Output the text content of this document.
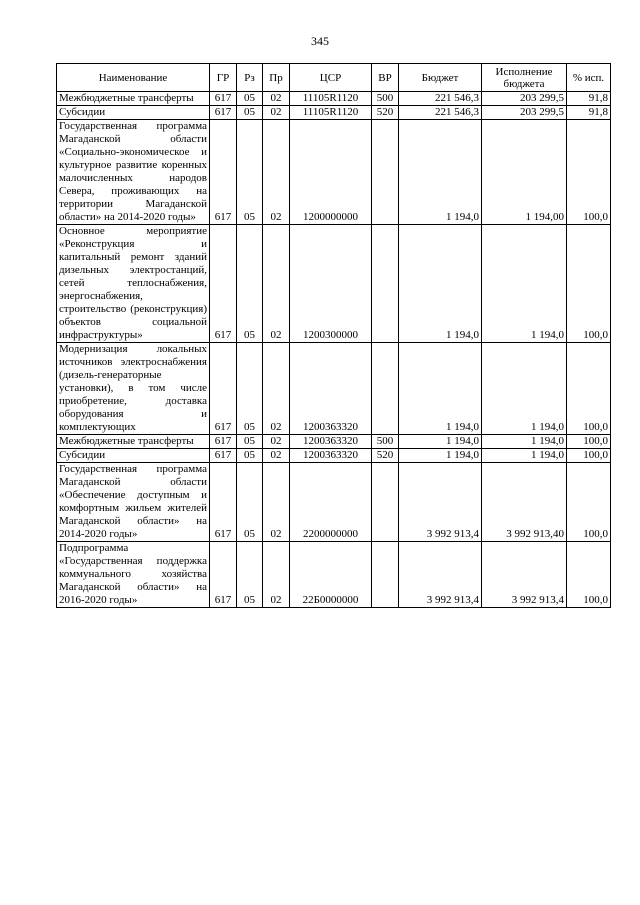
345
Наименование	ГР	Рз	Пр	ЦСР	ВР	Бюджет	Исполнение бюджета	% исп.
Межбюджетные трансферты	617	05	02	11105R1120	500	221 546,3	203 299,5	91,8
Субсидии	617	05	02	11105R1120	520	221 546,3	203 299,5	91,8
Государственная программа Магаданской области «Социально-экономическое и культурное развитие коренных малочисленных народов Севера, проживающих на территории Магаданской области» на 2014-2020 годы»	617	05	02	1200000000		1 194,0	1 194,00	100,0
Основное мероприятие «Реконструкция и капитальный ремонт зданий дизельных электростанций, сетей теплоснабжения, энергоснабжения, строительство (реконструкция) объектов социальной инфраструктуры»	617	05	02	1200300000		1 194,0	1 194,0	100,0
Модернизация локальных источников электроснабжения (дизель-генераторные установки), в том числе приобретение, доставка оборудования и комплектующих	617	05	02	1200363320		1 194,0	1 194,0	100,0
Межбюджетные трансферты	617	05	02	1200363320	500	1 194,0	1 194,0	100,0
Субсидии	617	05	02	1200363320	520	1 194,0	1 194,0	100,0
Государственная программа Магаданской области «Обеспечение доступным и комфортным жильем жителей Магаданской области» на 2014-2020 годы»	617	05	02	2200000000		3 992 913,4	3 992 913,40	100,0
Подпрограмма «Государственная поддержка коммунального хозяйства Магаданской области» на 2016-2020 годы»	617	05	02	22Б0000000		3 992 913,4	3 992 913,4	100,0
